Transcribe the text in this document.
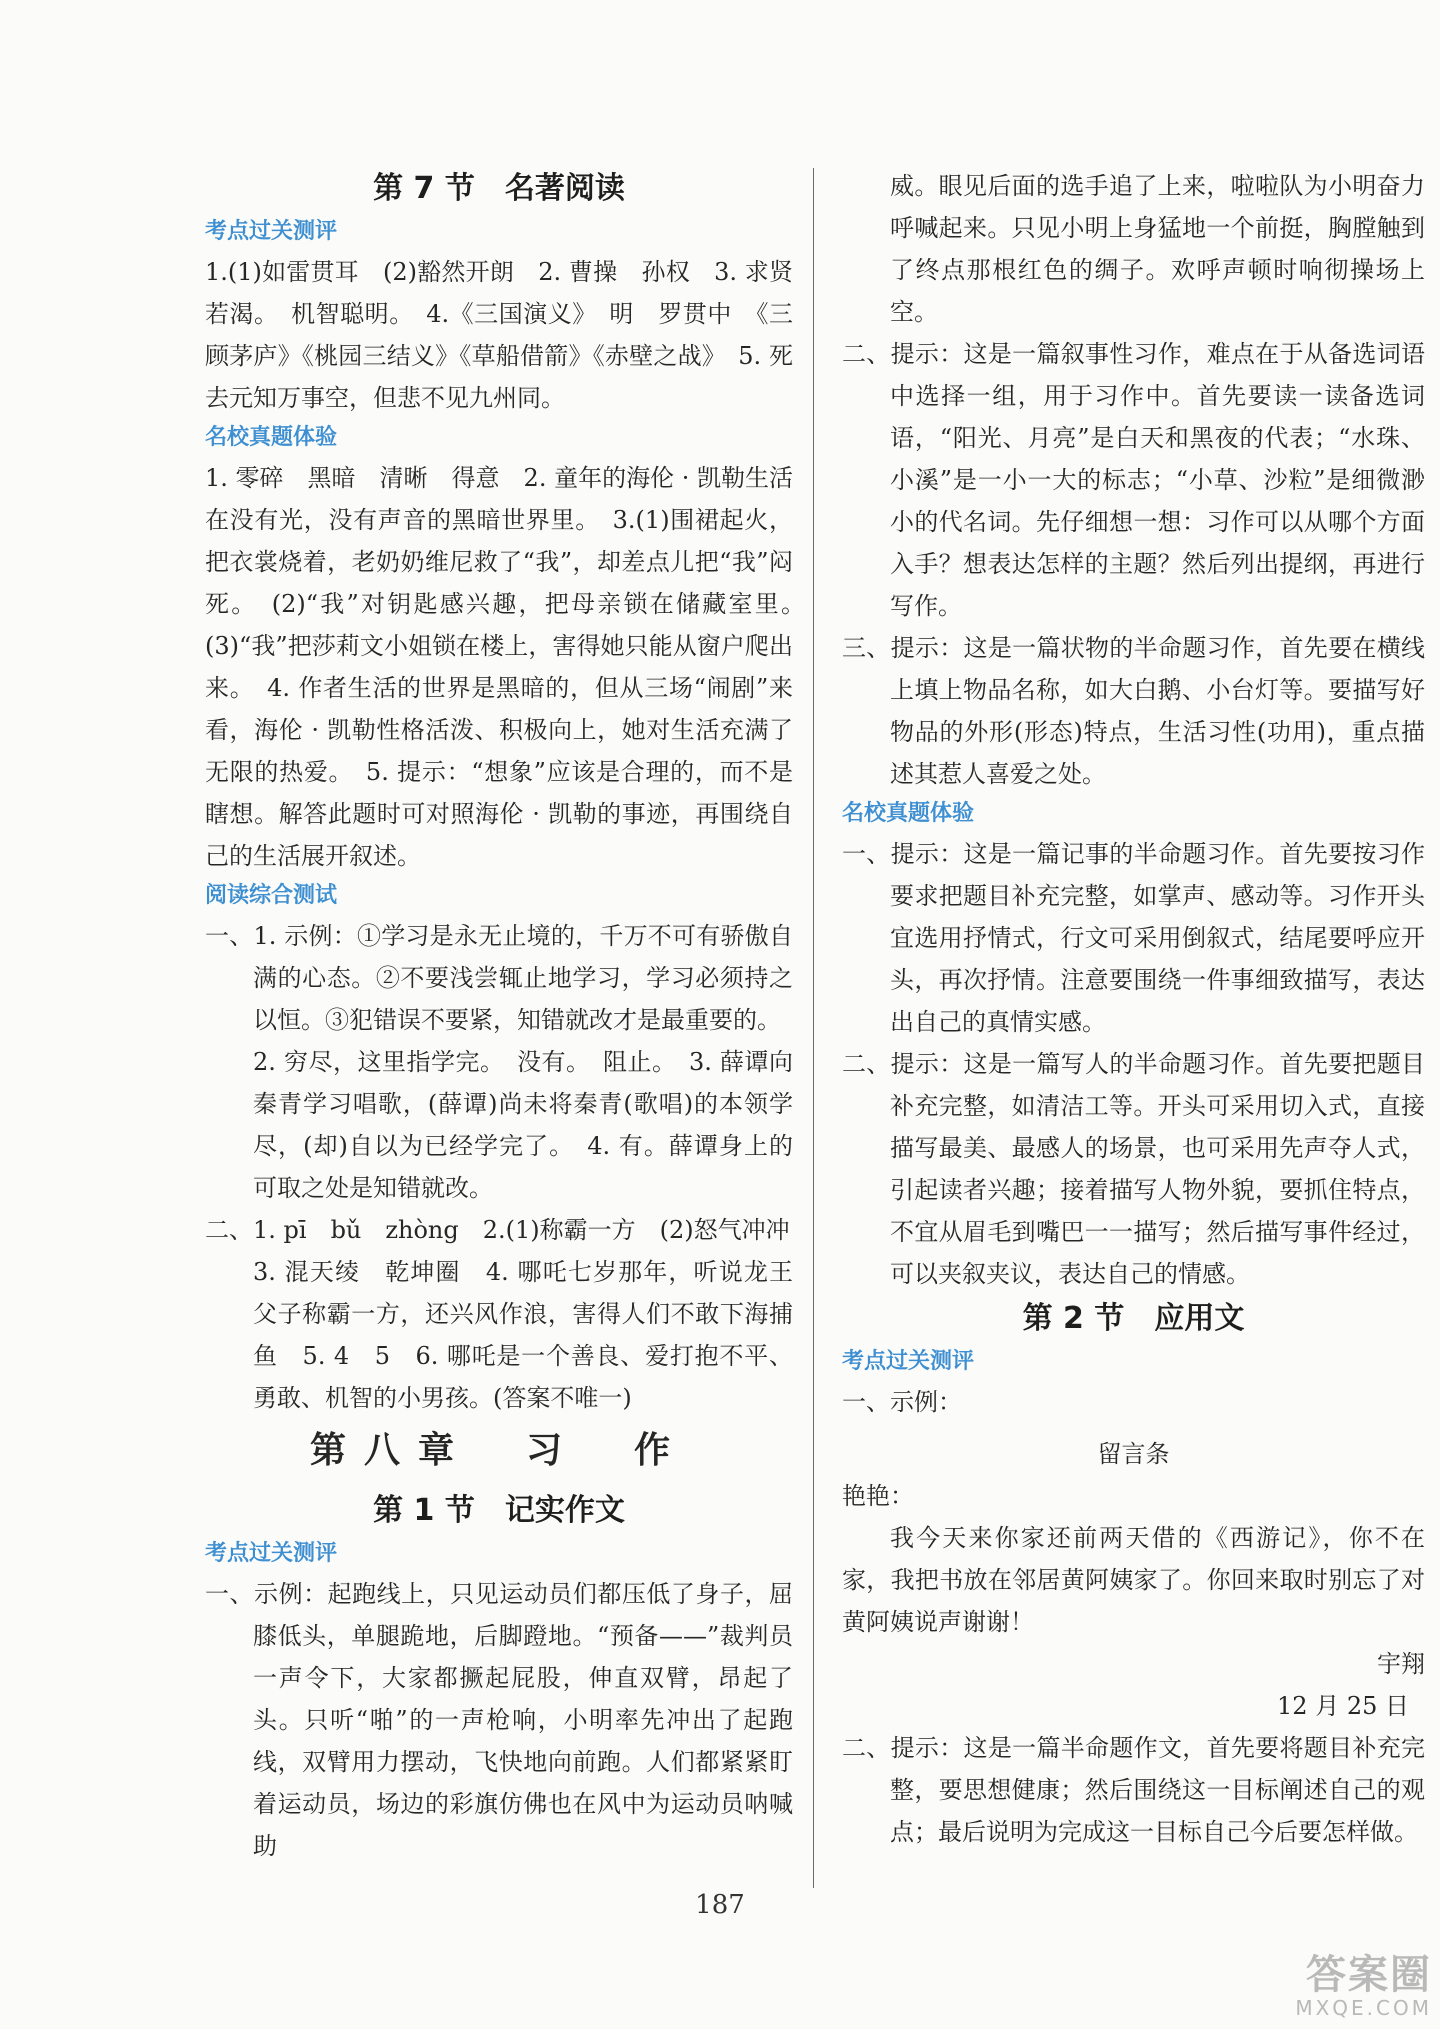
第 7 节　名著阅读
考点过关测评

1.(1)如雷贯耳　(2)豁然开朗　2. 曹操　孙权　3. 求贤若渴。　机智聪明。　4.《三国演义》　明　罗贯中　《三顾茅庐》《桃园三结义》《草船借箭》《赤壁之战》　5. 死去元知万事空，但悲不见九州同。

名校真题体验

1. 零碎　黑暗　清晰　得意　2. 童年的海伦 · 凯勒生活在没有光，没有声音的黑暗世界里。　3.(1)围裙起火，把衣裳烧着，老奶奶维尼救了“我”，却差点儿把“我”闷死。　(2)“我”对钥匙感兴趣，把母亲锁在储藏室里。　(3)“我”把莎莉文小姐锁在楼上，害得她只能从窗户爬出来。　4. 作者生活的世界是黑暗的，但从三场“闹剧”来看，海伦 · 凯勒性格活泼、积极向上，她对生活充满了无限的热爱。　5. 提示：“想象”应该是合理的，而不是瞎想。解答此题时可对照海伦 · 凯勒的事迹，再围绕自己的生活展开叙述。

阅读综合测试

一、1. 示例：①学习是永无止境的，千万不可有骄傲自满的心态。②不要浅尝辄止地学习，学习必须持之以恒。③犯错误不要紧，知错就改才是最重要的。

2. 穷尽，这里指学完。　没有。　阻止。　3. 薛谭向秦青学习唱歌，(薛谭)尚未将秦青(歌唱)的本领学尽，(却)自以为已经学完了。　4. 有。薛谭身上的可取之处是知错就改。

二、1. pī　bǔ　zhòng　2.(1)称霸一方　(2)怒气冲冲

3. 混天绫　乾坤圈　4. 哪吒七岁那年，听说龙王父子称霸一方，还兴风作浪，害得人们不敢下海捕鱼　5. 4　5　6. 哪吒是一个善良、爱打抱不平、勇敢、机智的小男孩。(答案不唯一)

第八章　习　作
第 1 节　记实作文
考点过关测评

一、示例：起跑线上，只见运动员们都压低了身子，屈膝低头，单腿跪地，后脚蹬地。“预备——”裁判员一声令下，大家都撅起屁股，伸直双臂，昂起了头。只听“啪”的一声枪响，小明率先冲出了起跑线，双臂用力摆动，飞快地向前跑。人们都紧紧盯着运动员，场边的彩旗仿佛也在风中为运动员呐喊助

威。眼见后面的选手追了上来，啦啦队为小明奋力呼喊起来。只见小明上身猛地一个前挺，胸膛触到了终点那根红色的绸子。欢呼声顿时响彻操场上空。

二、提示：这是一篇叙事性习作，难点在于从备选词语中选择一组，用于习作中。首先要读一读备选词语，“阳光、月亮”是白天和黑夜的代表；“水珠、小溪”是一小一大的标志；“小草、沙粒”是细微渺小的代名词。先仔细想一想：习作可以从哪个方面入手？想表达怎样的主题？然后列出提纲，再进行写作。

三、提示：这是一篇状物的半命题习作，首先要在横线上填上物品名称，如大白鹅、小台灯等。要描写好物品的外形(形态)特点，生活习性(功用)，重点描述其惹人喜爱之处。

名校真题体验

一、提示：这是一篇记事的半命题习作。首先要按习作要求把题目补充完整，如掌声、感动等。习作开头宜选用抒情式，行文可采用倒叙式，结尾要呼应开头，再次抒情。注意要围绕一件事细致描写，表达出自己的真情实感。

二、提示：这是一篇写人的半命题习作。首先要把题目补充完整，如清洁工等。开头可采用切入式，直接描写最美、最感人的场景，也可采用先声夺人式，引起读者兴趣；接着描写人物外貌，要抓住特点，不宜从眉毛到嘴巴一一描写；然后描写事件经过，可以夹叙夹议，表达自己的情感。

第 2 节　应用文
考点过关测评

一、示例：

留言条

艳艳：

我今天来你家还前两天借的《西游记》，你不在家，我把书放在邻居黄阿姨家了。你回来取时别忘了对黄阿姨说声谢谢！

宇翔

12 月 25 日

二、提示：这是一篇半命题作文，首先要将题目补充完整，要思想健康；然后围绕这一目标阐述自己的观点；最后说明为完成这一目标自己今后要怎样做。

187
答案圈
MXQE.COM
